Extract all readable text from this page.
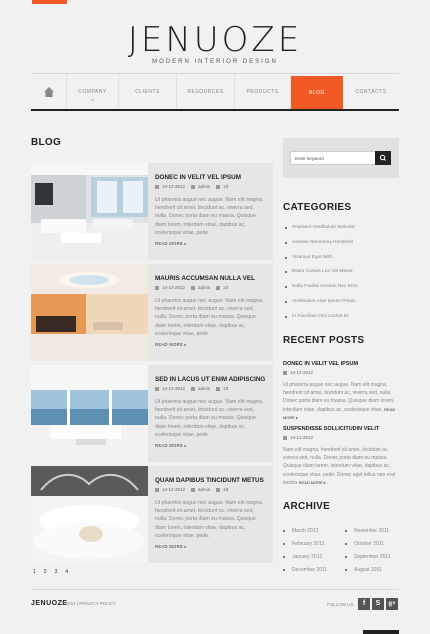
JENUOZE
MODERN INTERIOR DESIGN
COMPANY
⌄
CLIENTS	RESOURCES	PRODUCTS	BLOG	CONTACTS
BLOG
DONEC IN VELIT VEL IPSUM
14-12-2012	admin	23
Ut pharetra augue nec augue. Nam elit magna, hendrerit sit amet, tincidunt ac, viverra sed, nulla. Donec porta diam eu massa. Quisque diam lorem, interdum vitae, dapibus ac, scelerisque vitae, pede.
READ MORE ▸
MAURIS ACCUMSAN NULLA VEL
14-12-2012	admin	23
Ut pharetra augue nec augue. Nam elit magna, hendrerit sit amet, tincidunt ac, viverra sed, nulla. Donec porta diam eu massa. Quisque diam lorem, interdum vitae, dapibus ac, scelerisque vitae, pede.
READ MORE ▸
SED IN LACUS UT ENIM ADIPISCING
14-12-2012	admin	23
Ut pharetra augue nec augue. Nam elit magna, hendrerit sit amet, tincidunt ac, viverra sed, nulla. Donec porta diam eu massa. Quisque diam lorem, interdum vitae, dapibus ac, scelerisque vitae, pede.
READ MORE ▸
QUAM DAPIBUS TINCIDUNT METUS
14-12-2012	admin	23
Ut pharetra augue nec augue. Nam elit magna, hendrerit sit amet, tincidunt ac, viverra sed, nulla. Donec porta diam eu massa. Quisque diam lorem, interdum vitae, dapibus ac, scelerisque vitae, pede.
READ MORE ▸
1 2 3 4
Enter keyword
CATEGORIES
Praesent Vestibulum Molestie
Aenean Nonummy Hendrerit
Vivamus Eget Nibh
Etiam Cursus Leo Vel Metus
Nulla Facilisi Aenean Nec Eros
Vestibulum Ante Ipsum Primis
In Faucibus Orci Luctus Et
RECENT POSTS
DONEC IN VELIT VEL IPSUM
14-12-2012
Ut pharetra augue nec augue. Nam elit magna, hendrerit sit amet, tincidunt ac, viverra sed, nulla. Donec porta diam eu massa. Quisque diam lorem, interdum vitae, dapibus ac, scelerisque vitae, READ MORE ▸
SUSPENDISSE SOLLICITUDIN VELIT
14-12-2012
Nam elit magna, hendrerit sit amet, tincidunt ac, viverra sed, nulla. Donec porta diam eu massa. Quisque diam lorem, interdum vitae, dapibus ac, scelerisque vitae, pede. Donec eget tellus non erat lacinia READ MORE ▸
ARCHIVE
March 2012	November 2011
February 2012	October 2011
January 2012	September 2011
December 2011	August 2011
JENUOZE
© 2012 | PRIVACY POLICY	FOLLOW US	f	S	g+
